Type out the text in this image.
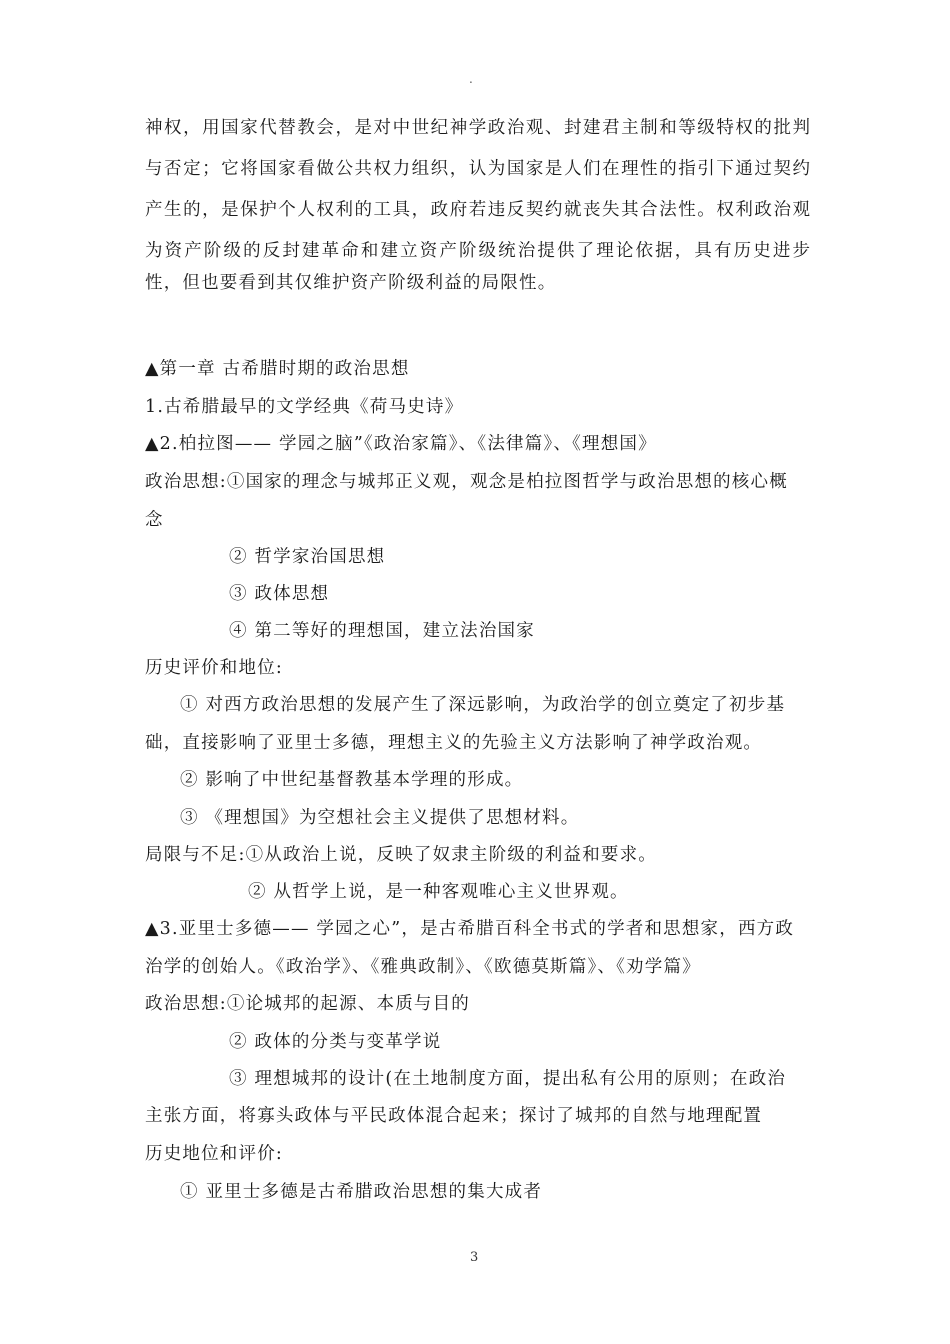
.
神权，用国家代替教会，是对中世纪神学政治观、封建君主制和等级特权的批判
与否定；它将国家看做公共权力组织，认为国家是人们在理性的指引下通过契约
产生的，是保护个人权利的工具，政府若违反契约就丧失其合法性。权利政治观
为资产阶级的反封建革命和建立资产阶级统治提供了理论依据，具有历史进步
性，但也要看到其仅维护资产阶级利益的局限性。
▲第一章 古希腊时期的政治思想
1.古希腊最早的文学经典《荷马史诗》
▲2.柏拉图—— 学园之脑”《政治家篇》、《法律篇》、《理想国》
政治思想:①国家的理念与城邦正义观，观念是柏拉图哲学与政治思想的核心概
念
② 哲学家治国思想
③ 政体思想
④ 第二等好的理想国，建立法治国家
历史评价和地位:
① 对西方政治思想的发展产生了深远影响，为政治学的创立奠定了初步基
础，直接影响了亚里士多德，理想主义的先验主义方法影响了神学政治观。
② 影响了中世纪基督教基本学理的形成。
③ 《理想国》为空想社会主义提供了思想材料。
局限与不足:①从政治上说，反映了奴隶主阶级的利益和要求。
② 从哲学上说，是一种客观唯心主义世界观。
▲3.亚里士多德—— 学园之心”，是古希腊百科全书式的学者和思想家，西方政
治学的创始人。《政治学》、《雅典政制》、《欧德莫斯篇》、《劝学篇》
政治思想:①论城邦的起源、本质与目的
② 政体的分类与变革学说
③ 理想城邦的设计(在土地制度方面，提出私有公用的原则；在政治
主张方面，将寡头政体与平民政体混合起来；探讨了城邦的自然与地理配置
历史地位和评价:
① 亚里士多德是古希腊政治思想的集大成者
3
